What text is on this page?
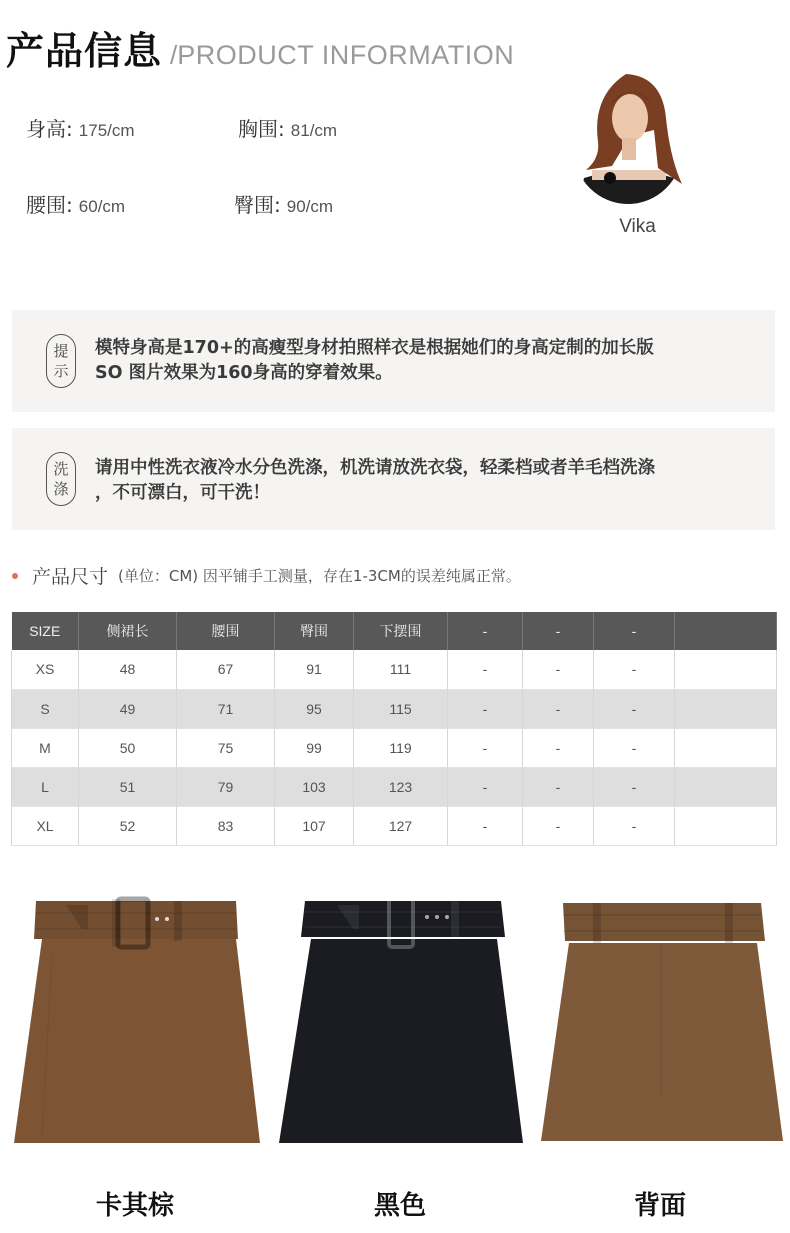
产品信息 / PRODUCT INFORMATION
身高: 175/cm	胸围: 81/cm
腰围: 60/cm	臀围: 90/cm
Vika
提
示
模特身高是170+的高瘦型身材拍照样衣是根据她们的身高定制的加长版
SO 图片效果为160身高的穿着效果。
洗
涤
请用中性洗衣液冷水分色洗涤，机洗请放洗衣袋，轻柔档或者羊毛档洗涤
，不可漂白，可干洗！
产品尺寸 (单位：CM) 因平铺手工测量，存在1-3CM的误差纯属正常。
SIZE	侧裙长	腰围	臀围	下摆围	-	-	-	
XS	48	67	91	111	-	-	-	
S	49	71	95	115	-	-	-	
M	50	75	99	119	-	-	-	
L	51	79	103	123	-	-	-	
XL	52	83	107	127	-	-	-	
卡其棕	黑色	背面
